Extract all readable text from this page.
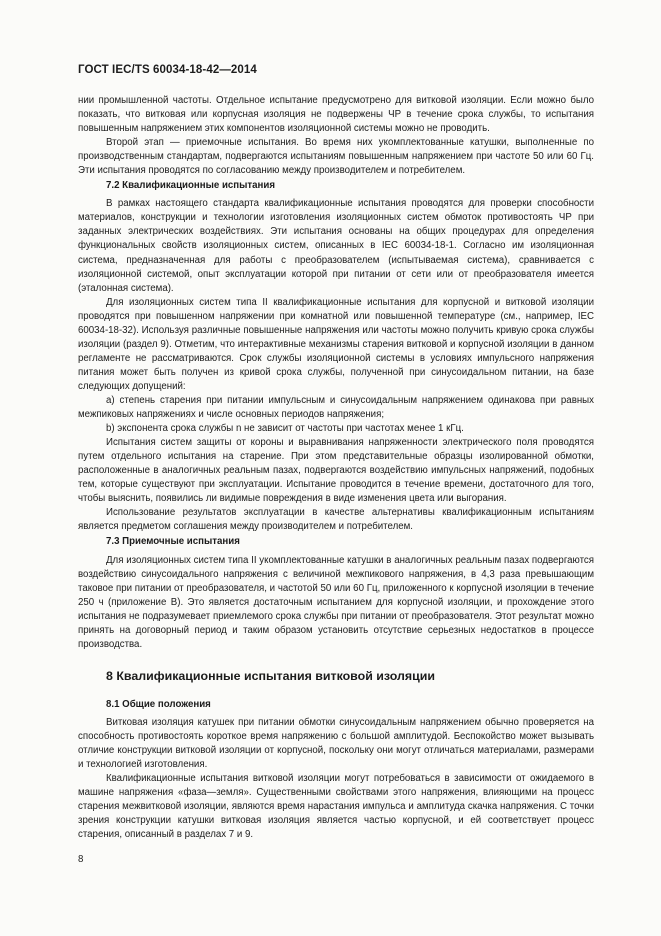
ГОСТ IEC/TS 60034-18-42—2014

нии промышленной частоты. Отдельное испытание предусмотрено для витковой изоляции. Если можно было показать, что витковая или корпусная изоляция не подвержены ЧР в течение срока службы, то испытания повышенным напряжением этих компонентов изоляционной системы можно не проводить.

Второй этап — приемочные испытания. Во время них укомплектованные катушки, выполненные по производственным стандартам, подвергаются испытаниям повышенным напряжением при частоте 50 или 60 Гц. Эти испытания проводятся по согласованию между производителем и потребителем.

7.2 Квалификационные испытания

В рамках настоящего стандарта квалификационные испытания проводятся для проверки способности материалов, конструкции и технологии изготовления изоляционных систем обмоток противостоять ЧР при заданных электрических воздействиях. Эти испытания основаны на общих процедурах для определения функциональных свойств изоляционных систем, описанных в IEC 60034-18-1. Согласно им изоляционная система, предназначенная для работы с преобразователем (испытываемая система), сравнивается с изоляционной системой, опыт эксплуатации которой при питании от сети или от преобразователя имеется (эталонная система).

Для изоляционных систем типа II квалификационные испытания для корпусной и витковой изоляции проводятся при повышенном напряжении при комнатной или повышенной температуре (см., например, IEC 60034-18-32). Используя различные повышенные напряжения или частоты можно получить кривую срока службы изоляции (раздел 9). Отметим, что интерактивные механизмы старения витковой и корпусной изоляции в данном регламенте не рассматриваются. Срок службы изоляционной системы в условиях импульсного напряжения питания может быть получен из кривой срока службы, полученной при синусоидальном питании, на базе следующих допущений:

а) степень старения при питании импульсным и синусоидальным напряжением одинакова при равных межпиковых напряжениях и числе основных периодов напряжения;

b) экспонента срока службы n не зависит от частоты при частотах менее 1 кГц.

Испытания систем защиты от короны и выравнивания напряженности электрического поля проводятся путем отдельного испытания на старение. При этом представительные образцы изолированной обмотки, расположенные в аналогичных реальным пазах, подвергаются воздействию импульсных напряжений, подобных тем, которые существуют при эксплуатации. Испытание проводится в течение времени, достаточного для того, чтобы выяснить, появились ли видимые повреждения в виде изменения цвета или выгорания.

Использование результатов эксплуатации в качестве альтернативы квалификационным испытаниям является предметом соглашения между производителем и потребителем.

7.3 Приемочные испытания

Для изоляционных систем типа II укомплектованные катушки в аналогичных реальным пазах подвергаются воздействию синусоидального напряжения с величиной межпикового напряжения, в 4,3 раза превышающим таковое при питании от преобразователя, и частотой 50 или 60 Гц, приложенного к корпусной изоляции в течение 250 ч (приложение В). Это является достаточным испытанием для корпусной изоляции, и прохождение этого испытания не подразумевает приемлемого срока службы при питании от преобразователя. Этот результат можно принять на договорный период и таким образом установить отсутствие серьезных недостатков в процессе производства.

8 Квалификационные испытания витковой изоляции

8.1 Общие положения

Витковая изоляция катушек при питании обмотки синусоидальным напряжением обычно проверяется на способность противостоять короткое время напряжению с большой амплитудой. Беспокойство может вызывать отличие конструкции витковой изоляции от корпусной, поскольку они могут отличаться материалами, размерами и технологией изготовления.

Квалификационные испытания витковой изоляции могут потребоваться в зависимости от ожидаемого в машине напряжения «фаза—земля». Существенными свойствами этого напряжения, влияющими на процесс старения межвитковой изоляции, являются время нарастания импульса и амплитуда скачка напряжения. С точки зрения конструкции катушки витковая изоляция является частью корпусной, и ей соответствует процесс старения, описанный в разделах 7 и 9.

8
